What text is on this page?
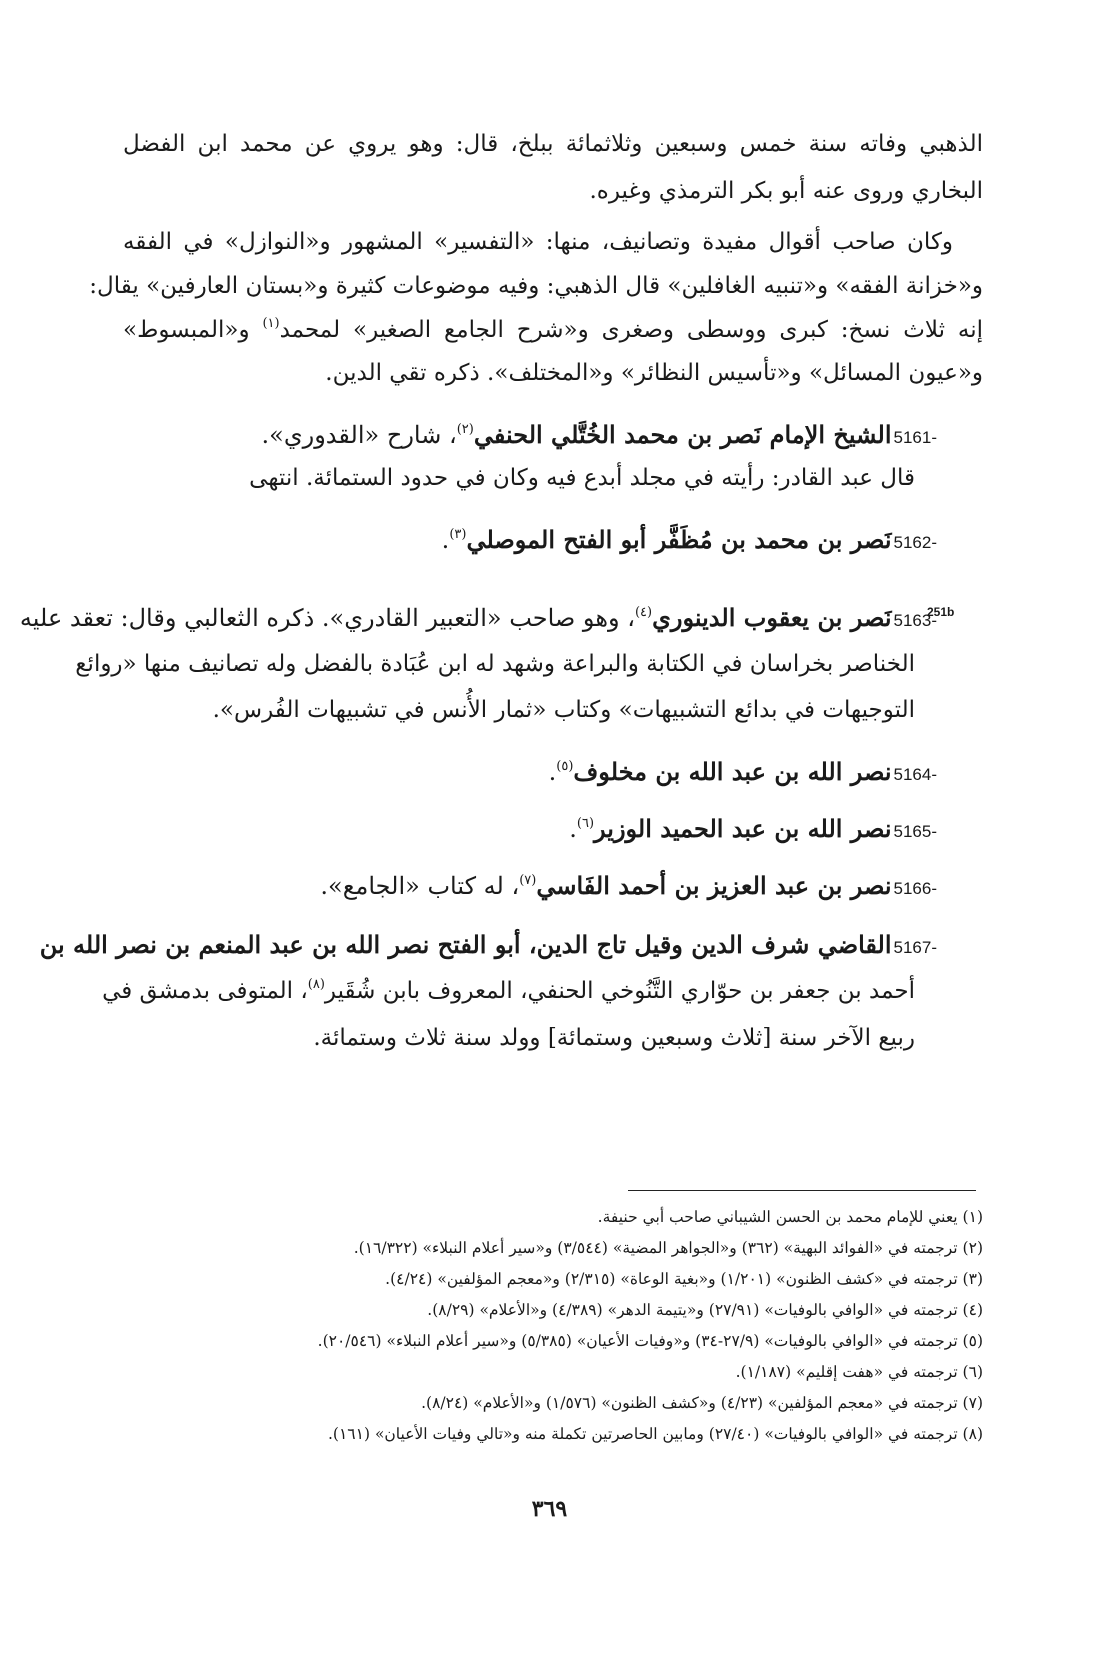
الذهبي وفاته سنة خمس وسبعين وثلاثمائة ببلخ، قال: وهو يروي عن محمد ابن الفضل
البخاري وروى عنه أبو بكر الترمذي وغيره.
وكان صاحب أقوال مفيدة وتصانيف، منها: «التفسير» المشهور و«النوازل» في الفقه
و«خزانة الفقه» و«تنبيه الغافلين» قال الذهبي: وفيه موضوعات كثيرة و«بستان العارفين» يقال:
إنه ثلاث نسخ: كبرى ووسطى وصغرى و«شرح الجامع الصغير» لمحمد$^{(١)}$ و«المبسوط»
و«عيون المسائل» و«تأسيس النظائر» و«المختلف». ذكره تقي الدين.
5161-الشيخ الإمام نَصر بن محمد الخُتَّلي الحنفي$^{(٢)}$، شارح «القدوري».
قال عبد القادر: رأيته في مجلد أبدع فيه وكان في حدود الستمائة. انتهى
5162-نَصر بن محمد بن مُظَفَّر أبو الفتح الموصلي$^{(٣)}$.
251b
5163-نَصر بن يعقوب الدينوري$^{(٤)}$، وهو صاحب «التعبير القادري». ذكره الثعالبي وقال: تعقد عليه
الخناصر بخراسان في الكتابة والبراعة وشهد له ابن عُبَادة بالفضل وله تصانيف منها «روائع
التوجيهات في بدائع التشبيهات» وكتاب «ثمار الأُنس في تشبيهات الفُرس».
5164-نصر الله بن عبد الله بن مخلوف$^{(٥)}$.
5165-نصر الله بن عبد الحميد الوزير$^{(٦)}$.
5166-نصر بن عبد العزيز بن أحمد الفَاسي$^{(٧)}$، له كتاب «الجامع».
5167-القاضي شرف الدين وقيل تاج الدين، أبو الفتح نصر الله بن عبد المنعم بن نصر الله بن
أحمد بن جعفر بن حوّاري التَّنُوخي الحنفي، المعروف بابن شُقَير$^{(٨)}$، المتوفى بدمشق في
ربيع الآخر سنة [ثلاث وسبعين وستمائة] وولد سنة ثلاث وستمائة.
(١) يعني للإمام محمد بن الحسن الشيباني صاحب أبي حنيفة.
(٢) ترجمته في «الفوائد البهية» (٣٦٢) و«الجواهر المضية» (٣/٥٤٤) و«سير أعلام النبلاء» (١٦/٣٢٢).
(٣) ترجمته في «كشف الظنون» (١/٢٠١) و«بغية الوعاة» (٢/٣١٥) و«معجم المؤلفين» (٤/٢٤).
(٤) ترجمته في «الوافي بالوفيات» (٢٧/٩١) و«يتيمة الدهر» (٤/٣٨٩) و«الأعلام» (٨/٢٩).
(٥) ترجمته في «الوافي بالوفيات» (٢٧/٩-٣٤) و«وفيات الأعيان» (٥/٣٨٥) و«سير أعلام النبلاء» (٢٠/٥٤٦).
(٦) ترجمته في «هفت إقليم» (١/١٨٧).
(٧) ترجمته في «معجم المؤلفين» (٤/٢٣) و«كشف الظنون» (١/٥٧٦) و«الأعلام» (٨/٢٤).
(٨) ترجمته في «الوافي بالوفيات» (٢٧/٤٠) ومابين الحاصرتين تكملة منه و«تالي وفيات الأعيان» (١٦١).
٣٦٩
